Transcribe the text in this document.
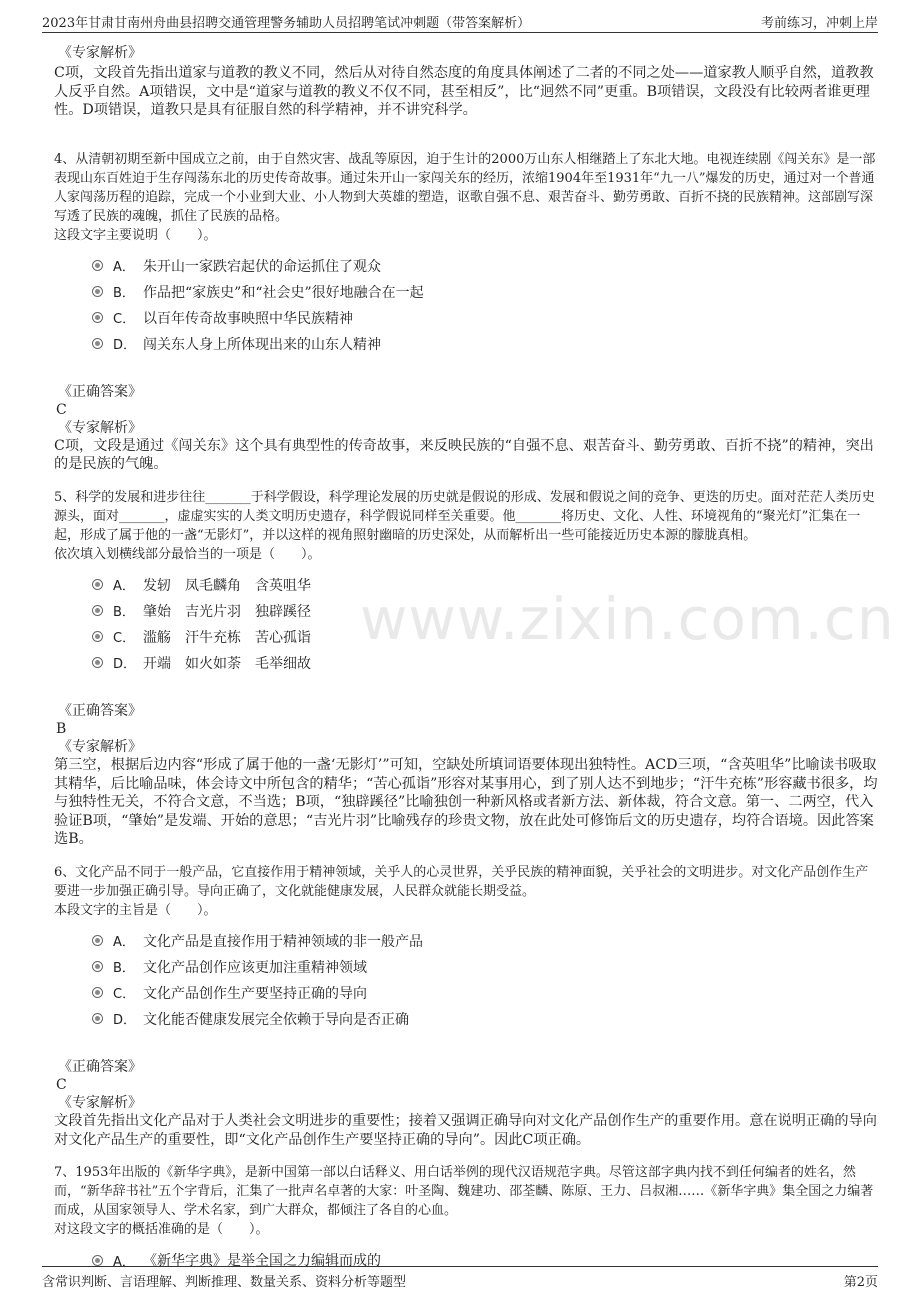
2023年甘肃甘南州舟曲县招聘交通管理警务辅助人员招聘笔试冲刺题（带答案解析）	考前练习，冲刺上岸
www.zixin.com.cn
《专家解析》
C项，文段首先指出道家与道教的教义不同，然后从对待自然态度的角度具体阐述了二者的不同之处——道家教人顺乎自然，道教教人反乎自然。A项错误，文中是“道家与道教的教义不仅不同，甚至相反”，比“迥然不同”更重。B项错误，文段没有比较两者谁更理性。D项错误，道教只是具有征服自然的科学精神，并不讲究科学。
4、从清朝初期至新中国成立之前，由于自然灾害、战乱等原因，迫于生计的2000万山东人相继踏上了东北大地。电视连续剧《闯关东》是一部表现山东百姓迫于生存闯荡东北的历史传奇故事。通过朱开山一家闯关东的经历，浓缩1904年至1931年“九一八”爆发的历史，通过对一个普通人家闯荡历程的追踪，完成一个小业到大业、小人物到大英雄的塑造，讴歌自强不息、艰苦奋斗、勤劳勇敢、百折不挠的民族精神。这部剧写深写透了民族的魂魄，抓住了民族的品格。
这段文字主要说明（　　）。
A． 朱开山一家跌宕起伏的命运抓住了观众
B． 作品把“家族史”和“社会史”很好地融合在一起
C． 以百年传奇故事映照中华民族精神
D． 闯关东人身上所体现出来的山东人精神
《正确答案》
C
《专家解析》
C项，文段是通过《闯关东》这个具有典型性的传奇故事，来反映民族的“自强不息、艰苦奋斗、勤劳勇敢、百折不挠”的精神，突出的是民族的气魄。
5、科学的发展和进步往往_______于科学假设，科学理论发展的历史就是假说的形成、发展和假说之间的竞争、更迭的历史。面对茫茫人类历史源头，面对_______，虚虚实实的人类文明历史遗存，科学假说同样至关重要。他_______将历史、文化、人性、环境视角的“聚光灯”汇集在一起，形成了属于他的一盏“无影灯”，并以这样的视角照射幽暗的历史深处，从而解析出一些可能接近历史本源的朦胧真相。
依次填入划横线部分最恰当的一项是（　　）。
A． 发轫　凤毛麟角　含英咀华
B． 肇始　吉光片羽　独辟蹊径
C． 滥觞　汗牛充栋　苦心孤诣
D． 开端　如火如荼　毛举细故
《正确答案》
B
《专家解析》
第三空，根据后边内容“形成了属于他的一盏‘无影灯’”可知，空缺处所填词语要体现出独特性。ACD三项，“含英咀华”比喻读书吸取其精华，后比喻品味，体会诗文中所包含的精华；“苦心孤诣”形容对某事用心，到了别人达不到地步；“汗牛充栋”形容藏书很多，均与独特性无关，不符合文意，不当选；B项，“独辟蹊径”比喻独创一种新风格或者新方法、新体裁，符合文意。第一、二两空，代入验证B项，“肇始”是发端、开始的意思；“吉光片羽”比喻残存的珍贵文物，放在此处可修饰后文的历史遗存，均符合语境。因此答案选B。
6、文化产品不同于一般产品，它直接作用于精神领域，关乎人的心灵世界，关乎民族的精神面貌，关乎社会的文明进步。对文化产品创作生产要进一步加强正确引导。导向正确了，文化就能健康发展，人民群众就能长期受益。
本段文字的主旨是（　　）。
A． 文化产品是直接作用于精神领域的非一般产品
B． 文化产品创作应该更加注重精神领域
C． 文化产品创作生产要坚持正确的导向
D． 文化能否健康发展完全依赖于导向是否正确
《正确答案》
C
《专家解析》
文段首先指出文化产品对于人类社会文明进步的重要性；接着又强调正确导向对文化产品创作生产的重要作用。意在说明正确的导向对文化产品生产的重要性，即“文化产品创作生产要坚持正确的导向”。因此C项正确。
7、1953年出版的《新华字典》，是新中国第一部以白话释义、用白话举例的现代汉语规范字典。尽管这部字典内找不到任何编者的姓名，然而，“新华辞书社”五个字背后，汇集了一批声名卓著的大家：叶圣陶、魏建功、邵荃麟、陈原、王力、吕叔湘……《新华字典》集全国之力编著而成，从国家领导人、学术名家，到广大群众，都倾注了各自的心血。
对这段文字的概括准确的是（　　）。
A． 《新华字典》是举全国之力编辑而成的
含常识判断、言语理解、判断推理、数量关系、资料分析等题型	第2页
